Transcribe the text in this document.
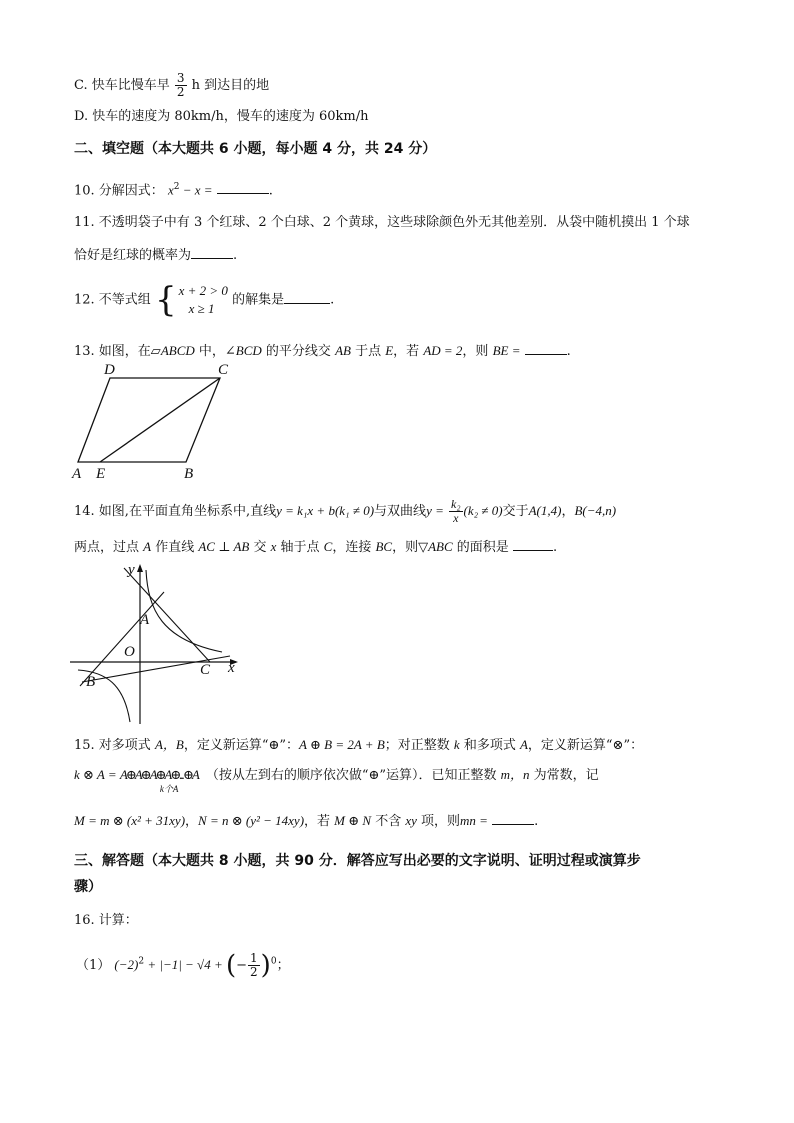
C. 快车比慢车早 $\frac{3}{2}$ h 到达目的地
D. 快车的速度为 80km/h，慢车的速度为 60km/h
二、填空题（本大题共 6 小题，每小题 4 分，共 24 分）
10. 分解因式： $x^2 - x$ =	.
11. 不透明袋子中有 3 个红球、2 个白球、2 个黄球，这些球除颜色外无其他差别．从袋中随机摸出 1 个球
恰好是红球的概率为	.
12. 不等式组 { x + 2 > 0
x ≥ 1
的解集是	.
13. 如图，在▱ABCD 中，∠BCD 的平分线交 AB 于点 E，若 AD = 2，则 BE =	.
D	C
A E	B
14. 如图,在平面直角坐标系中,直线y = k₁x + b(k₁ ≠ 0)与双曲线$y = \frac{\text{k₂}}{x} (k_2 \ne 0)$交于A(1,4)，B(−4,n)
两点，过点 A 作直线 AC ⊥ AB 交 x 轴于点 C，连接 BC，则▽ABC 的面积是	.
y
A
O
C x
B
15. 对多项式 A，B，定义新运算“⊕”：A ⊕ B = 2A + B；对正整数 k 和多项式 A，定义新运算“⊗”：
k ⊗ A = A⊕A⊕A⊕A⊕...⊕A
k个A
（按从左到右的顺序依次做“⊕”运算）．已知正整数 m，n 为常数，记
M = m ⊗ (x² + 31xy)，N = n ⊗ (y² − 14xy)，若 M ⊕ N 不含 xy 项，则mn =	.
三、解答题（本大题共 8 小题，共 90 分．解答应写出必要的文字说明、证明过程或演算步
骤）
16. 计算：
（1） $(-2)^2 + |-1| - √4$ + (− $\frac{1}{2} )^0$；
